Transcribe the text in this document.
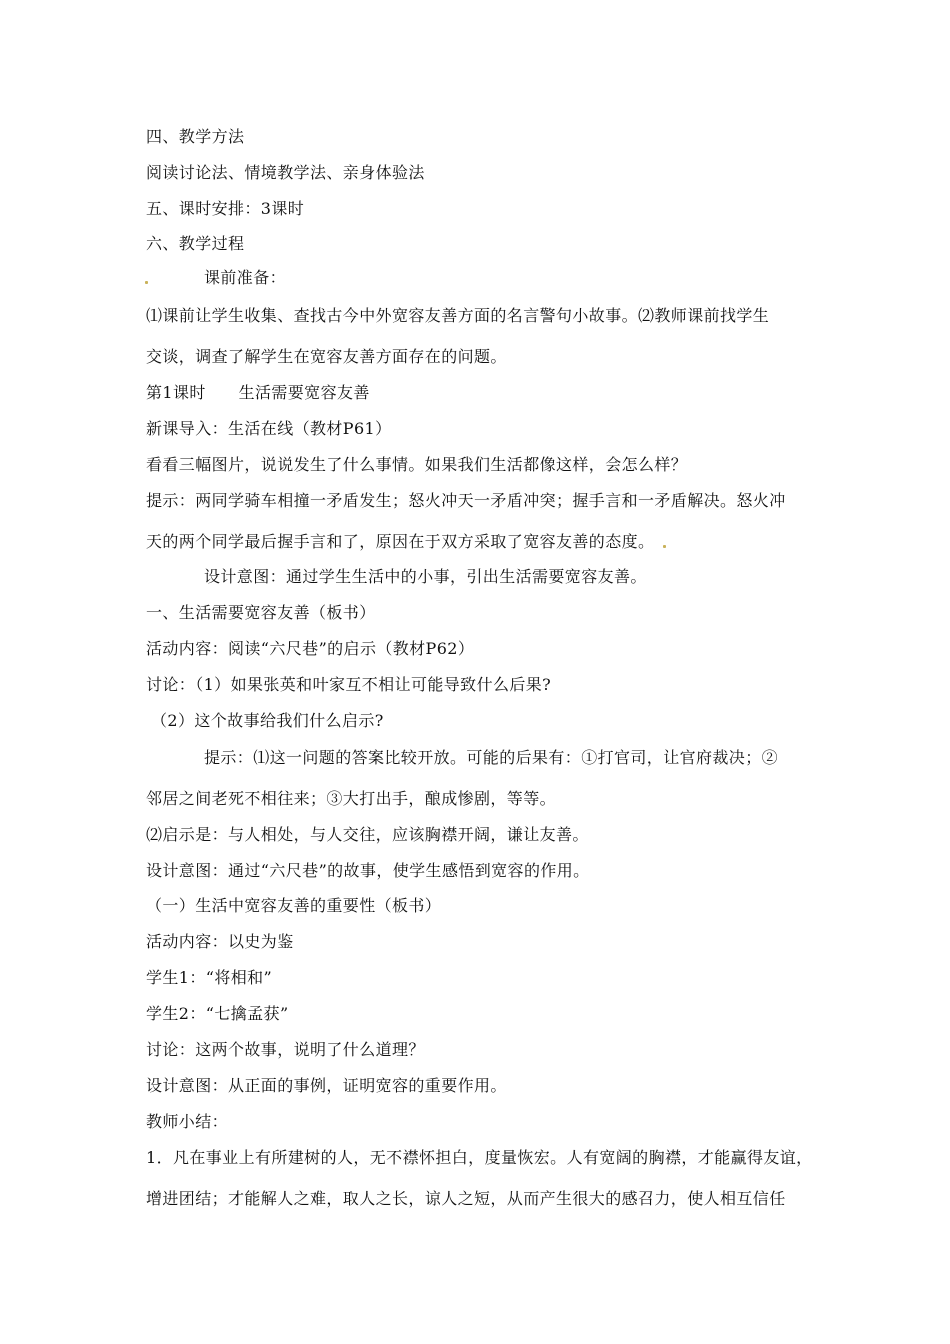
四、教学方法
阅读讨论法、情境教学法、亲身体验法
五、课时安排：3课时
六、教学过程
课前准备：
⑴课前让学生收集、查找古今中外宽容友善方面的名言警句小故事。⑵教师课前找学生
交谈，调查了解学生在宽容友善方面存在的问题。
第1课时　　生活需要宽容友善
新课导入：生活在线（教材P61）
看看三幅图片，说说发生了什么事情。如果我们生活都像这样，会怎么样？
提示：两同学骑车相撞一矛盾发生；怒火冲天一矛盾冲突；握手言和一矛盾解决。怒火冲
天的两个同学最后握手言和了，原因在于双方采取了宽容友善的态度。
设计意图：通过学生生活中的小事，引出生活需要宽容友善。
一、生活需要宽容友善（板书）
活动内容：阅读“六尺巷”的启示（教材P62）
讨论：（1）如果张英和叶家互不相让可能导致什么后果?
（2）这个故事给我们什么启示?
提示：⑴这一问题的答案比较开放。可能的后果有：①打官司，让官府裁决；②
邻居之间老死不相往来；③大打出手，酿成惨剧，等等。
⑵启示是：与人相处，与人交往，应该胸襟开阔，谦让友善。
设计意图：通过“六尺巷”的故事，使学生感悟到宽容的作用。
（一）生活中宽容友善的重要性（板书）
活动内容：以史为鉴
学生1：“将相和”
学生2：“七擒孟获”
讨论：这两个故事，说明了什么道理？
设计意图：从正面的事例，证明宽容的重要作用。
教师小结：
1．凡在事业上有所建树的人，无不襟怀担白，度量恢宏。人有宽阔的胸襟，才能赢得友谊，
增进团结；才能解人之难，取人之长，谅人之短，从而产生很大的感召力，使人相互信任
